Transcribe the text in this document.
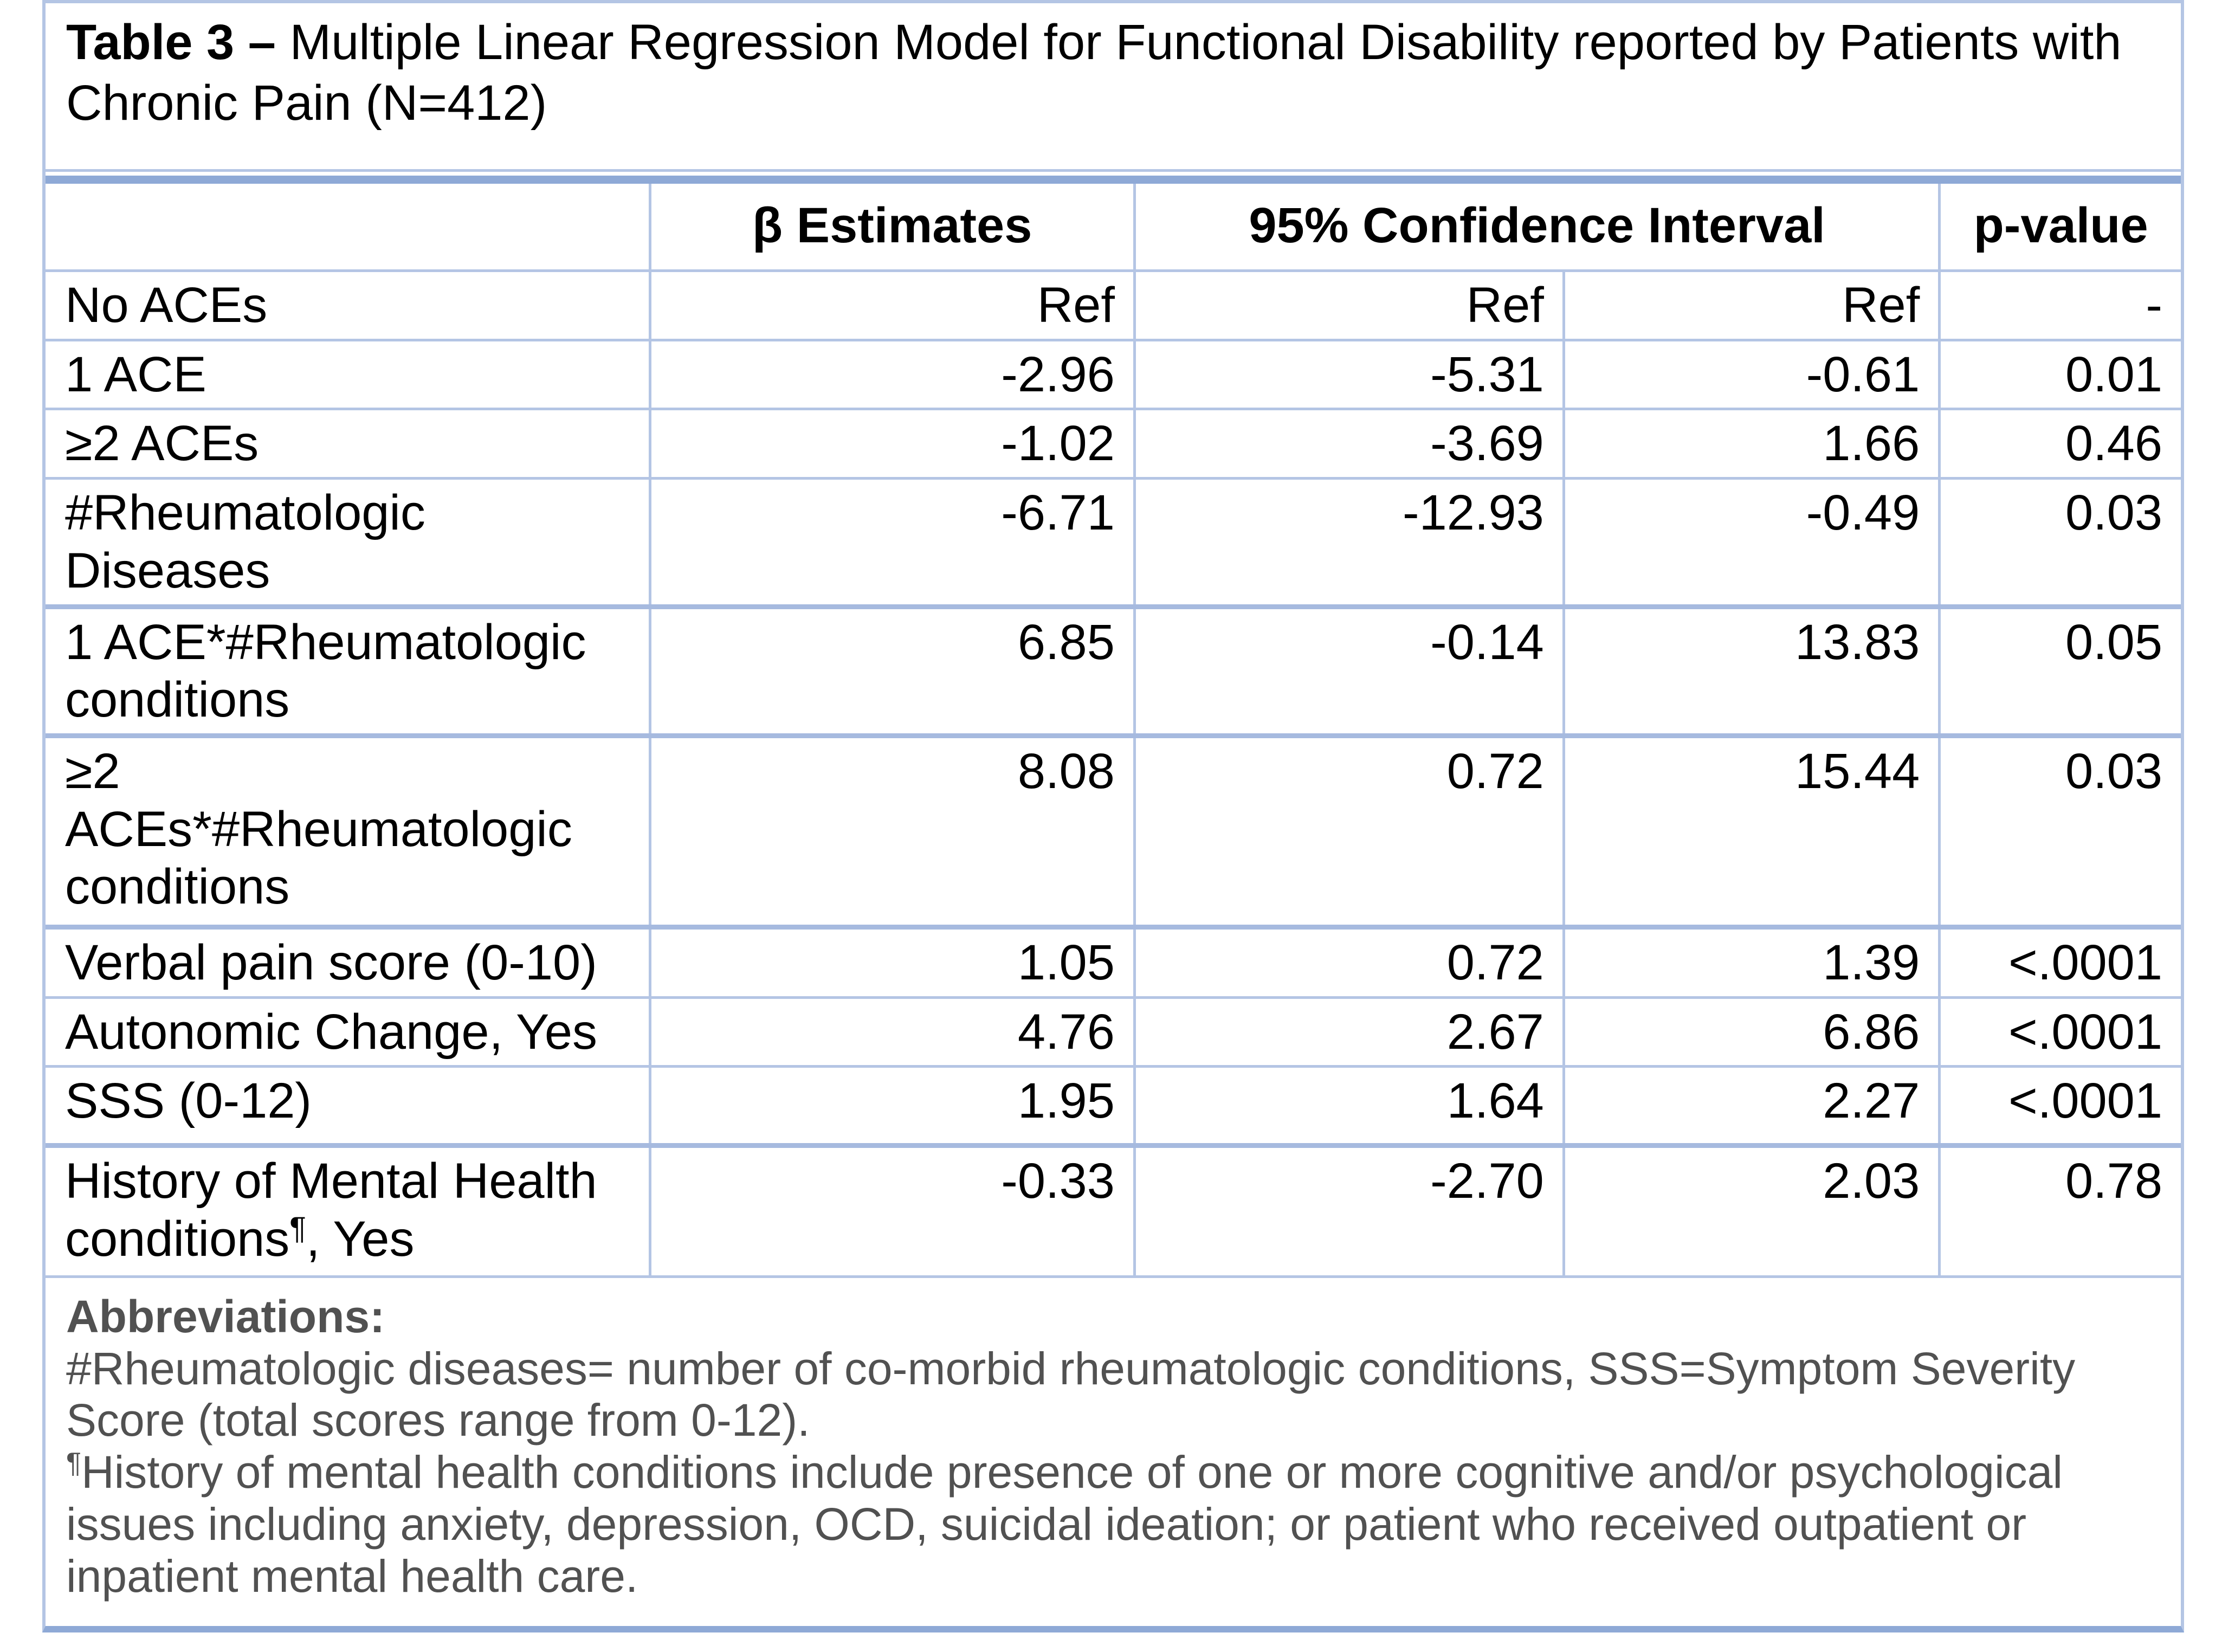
Table 3 – Multiple Linear Regression Model for Functional Disability reported by Patients with Chronic Pain (N=412)
	β Estimates	95% Confidence Interval		p-value
No ACEs	Ref	Ref	Ref	-
1 ACE	-2.96	-5.31	-0.61	0.01
≥2 ACEs	-1.02	-3.69	1.66	0.46
#Rheumatologic Diseases	-6.71	-12.93	-0.49	0.03
1 ACE*#Rheumatologic conditions	6.85	-0.14	13.83	0.05
≥2 ACEs*#Rheumatologic conditions	8.08	0.72	15.44	0.03
Verbal pain score (0-10)	1.05	0.72	1.39	<.0001
Autonomic Change, Yes	4.76	2.67	6.86	<.0001
SSS (0-12)	1.95	1.64	2.27	<.0001
History of Mental Health conditions¶, Yes	-0.33	-2.70	2.03	0.78
Abbreviations:
#Rheumatologic diseases= number of co-morbid rheumatologic conditions, SSS=Symptom Severity Score (total scores range from 0-12).
¶History of mental health conditions include presence of one or more cognitive and/or psychological issues including anxiety, depression, OCD, suicidal ideation; or patient who received outpatient or inpatient mental health care.
